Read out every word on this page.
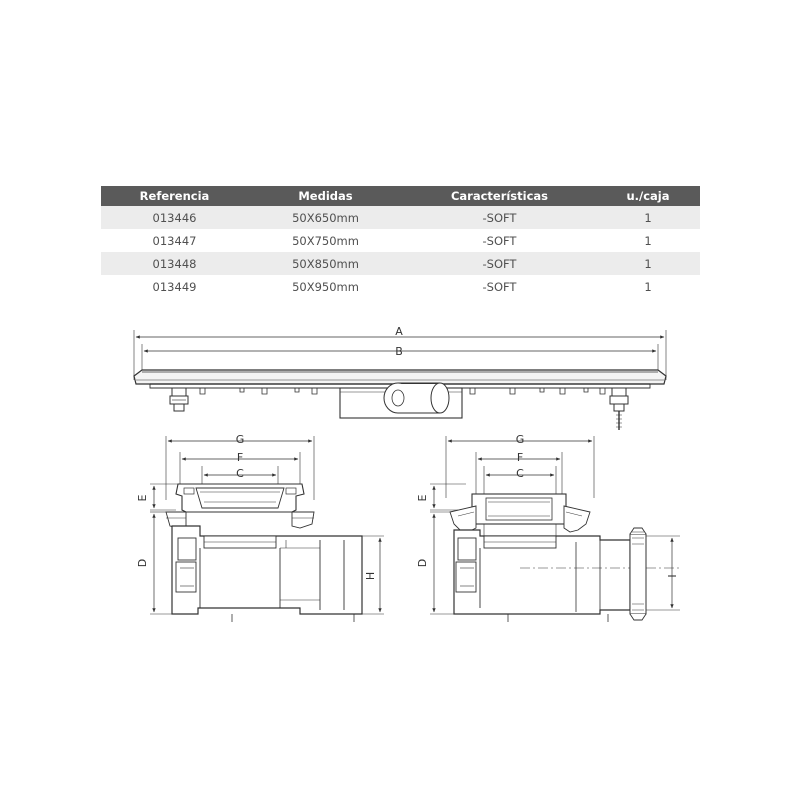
Referencia	Medidas	Características	u./caja
013446	50X650mm	-SOFT	1
013447	50X750mm	-SOFT	1
013448	50X850mm	-SOFT	1
013449	50X950mm	-SOFT	1
A
B
G
F
C
E
D
H
G
F
C
E
D
I
